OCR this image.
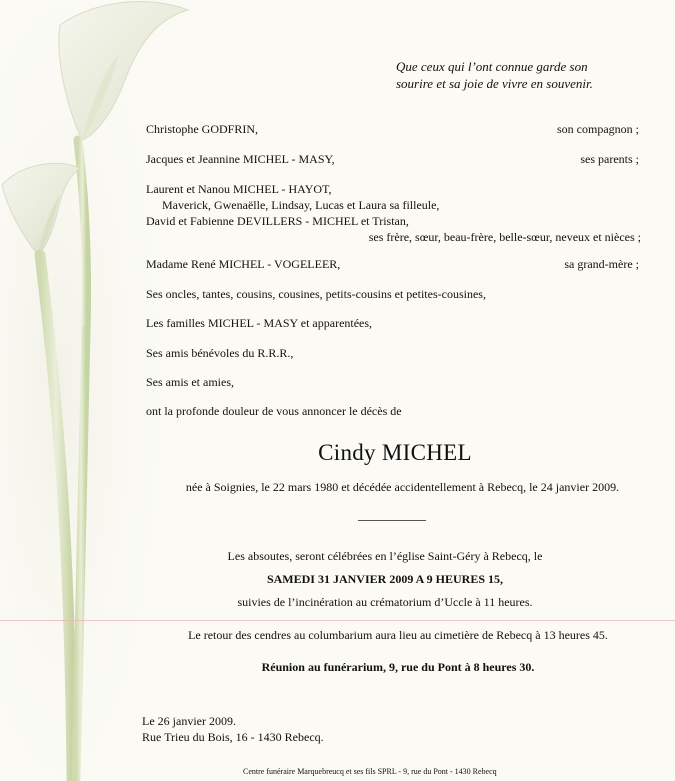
Que ceux qui l’ont connue garde son
sourire et sa joie de vivre en souvenir.
Christophe GODFRIN,	son compagnon ;
Jacques et Jeannine MICHEL - MASY,	ses parents ;
Laurent et Nanou MICHEL - HAYOT,
Maverick, Gwenaëlle, Lindsay, Lucas et Laura sa filleule,
David et Fabienne DEVILLERS - MICHEL et Tristan,
ses frère, sœur, beau-frère, belle-sœur, neveux et nièces ;
Madame René MICHEL - VOGELEER,	sa grand-mère ;
Ses oncles, tantes, cousins, cousines, petits-cousins et petites-cousines,
Les familles MICHEL - MASY et apparentées,
Ses amis bénévoles du R.R.R.,
Ses amis et amies,
ont la profonde douleur de vous annoncer le décès de
Cindy MICHEL
née à Soignies, le 22 mars 1980 et décédée accidentellement à Rebecq, le 24 janvier 2009.
Les absoutes, seront célébrées en l’église Saint-Géry à Rebecq, le
SAMEDI 31 JANVIER 2009 A 9 HEURES 15,
suivies de l’incinération au crématorium d’Uccle à 11 heures.
Le retour des cendres au columbarium aura lieu au cimetière de Rebecq à 13 heures 45.
Réunion au funérarium, 9, rue du Pont à 8 heures 30.
Le 26 janvier 2009.
Rue Trieu du Bois, 16 - 1430 Rebecq.
Centre funéraire Marquebreucq et ses fils SPRL - 9, rue du Pont - 1430 Rebecq
